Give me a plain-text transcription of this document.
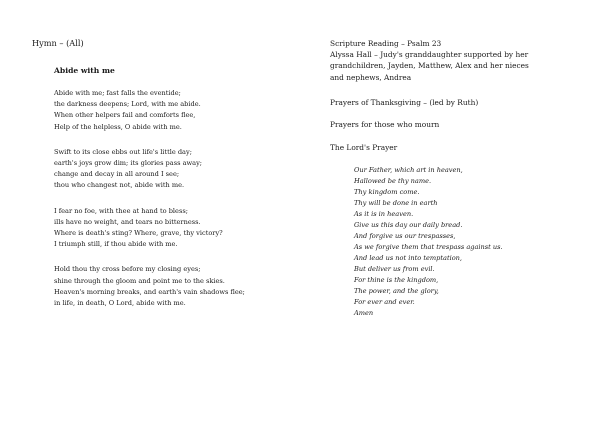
Hymn – (All)

Abide with me

Abide with me; fast falls the eventide;
the darkness deepens; Lord, with me abide.
When other helpers fail and comforts flee,
Help of the helpless, O abide with me.
Swift to its close ebbs out life's little day;
earth's joys grow dim; its glories pass away;
change and decay in all around I see;
thou who changest not, abide with me.
I fear no foe, with thee at hand to bless;
ills have no weight, and tears no bitterness.
Where is death's sting? Where, grave, thy victory?
I triumph still, if thou abide with me.
Hold thou thy cross before my closing eyes;
shine through the gloom and point me to the skies.
Heaven's morning breaks, and earth's vain shadows flee;
in life, in death, O Lord, abide with me.
Scripture Reading – Psalm 23
Alyssa Hall – Judy's granddaughter supported by her
grandchildren, Jayden, Matthew, Alex and her nieces
and nephews, Andrea
Prayers of Thanksgiving – (led by Ruth)
Prayers for those who mourn
The Lord's Prayer
Our Father, which art in heaven,
Hallowed be thy name.
Thy kingdom come.
Thy will be done in earth
As it is in heaven.
Give us this day our daily bread.
And forgive us our trespasses,
As we forgive them that trespass against us.
And lead us not into temptation,
But deliver us from evil.
For thine is the kingdom,
The power, and the glory,
For ever and ever.
Amen
